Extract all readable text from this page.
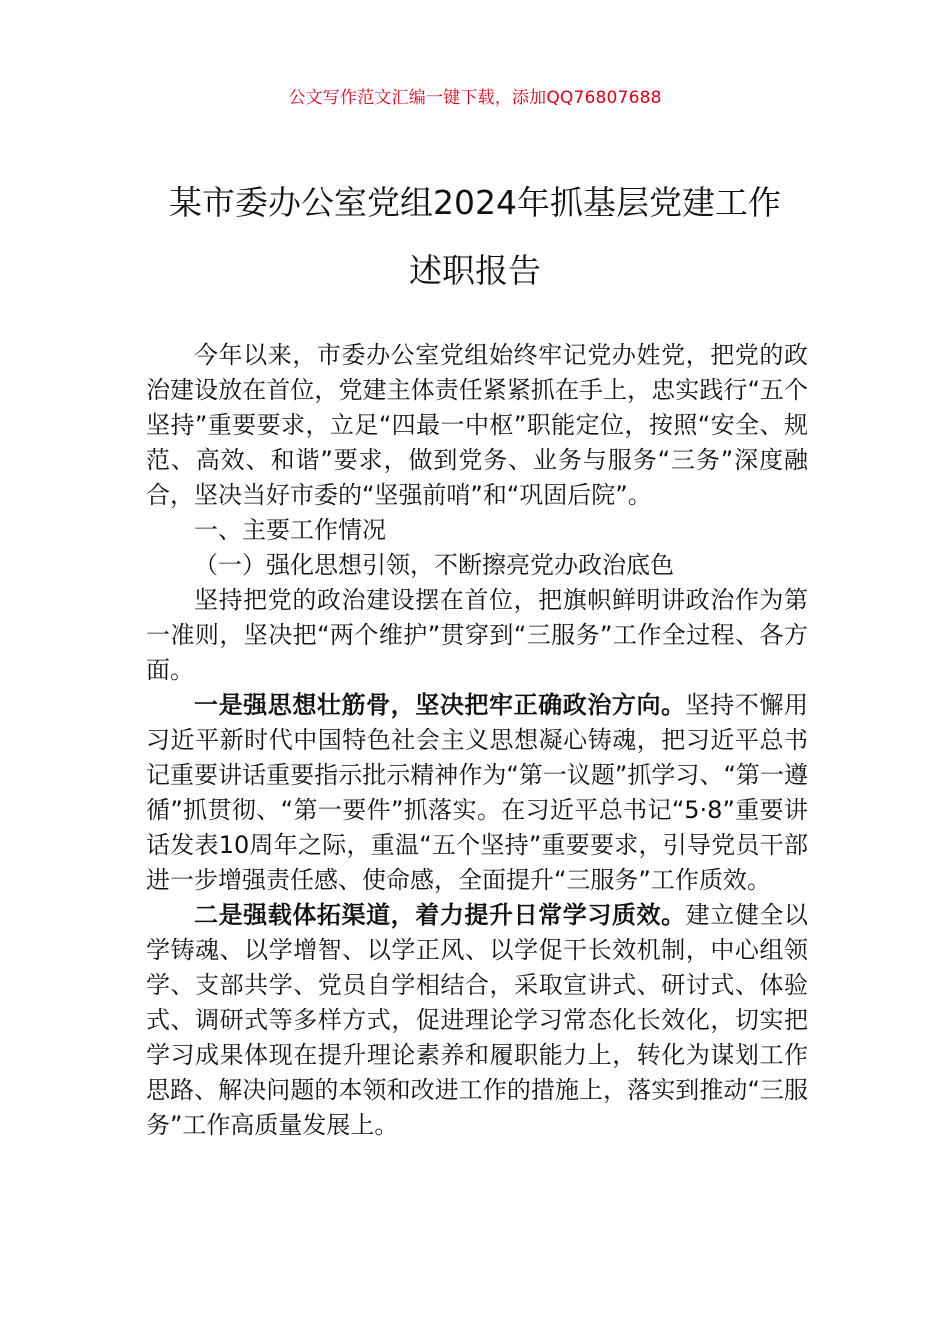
公文写作范文汇编一键下载，添加QQ76807688
某市委办公室党组2024年抓基层党建工作
述职报告

今年以来，市委办公室党组始终牢记党办姓党，把党的政治建设放在首位，党建主体责任紧紧抓在手上，忠实践行“五个坚持”重要要求，立足“四最一中枢”职能定位，按照“安全、规范、高效、和谐”要求，做到党务、业务与服务“三务”深度融合，坚决当好市委的“坚强前哨”和“巩固后院”。

一、主要工作情况

（一）强化思想引领，不断擦亮党办政治底色

坚持把党的政治建设摆在首位，把旗帜鲜明讲政治作为第一准则，坚决把“两个维护”贯穿到“三服务”工作全过程、各方面。

一是强思想壮筋骨，坚决把牢正确政治方向。坚持不懈用习近平新时代中国特色社会主义思想凝心铸魂，把习近平总书记重要讲话重要指示批示精神作为“第一议题”抓学习、“第一遵循”抓贯彻、“第一要件”抓落实。在习近平总书记“5·8”重要讲话发表10周年之际，重温“五个坚持”重要要求，引导党员干部进一步增强责任感、使命感，全面提升“三服务”工作质效。

二是强载体拓渠道，着力提升日常学习质效。建立健全以学铸魂、以学增智、以学正风、以学促干长效机制，中心组领学、支部共学、党员自学相结合，采取宣讲式、研讨式、体验式、调研式等多样方式，促进理论学习常态化长效化，切实把学习成果体现在提升理论素养和履职能力上，转化为谋划工作思路、解决问题的本领和改进工作的措施上，落实到推动“三服务”工作高质量发展上。
